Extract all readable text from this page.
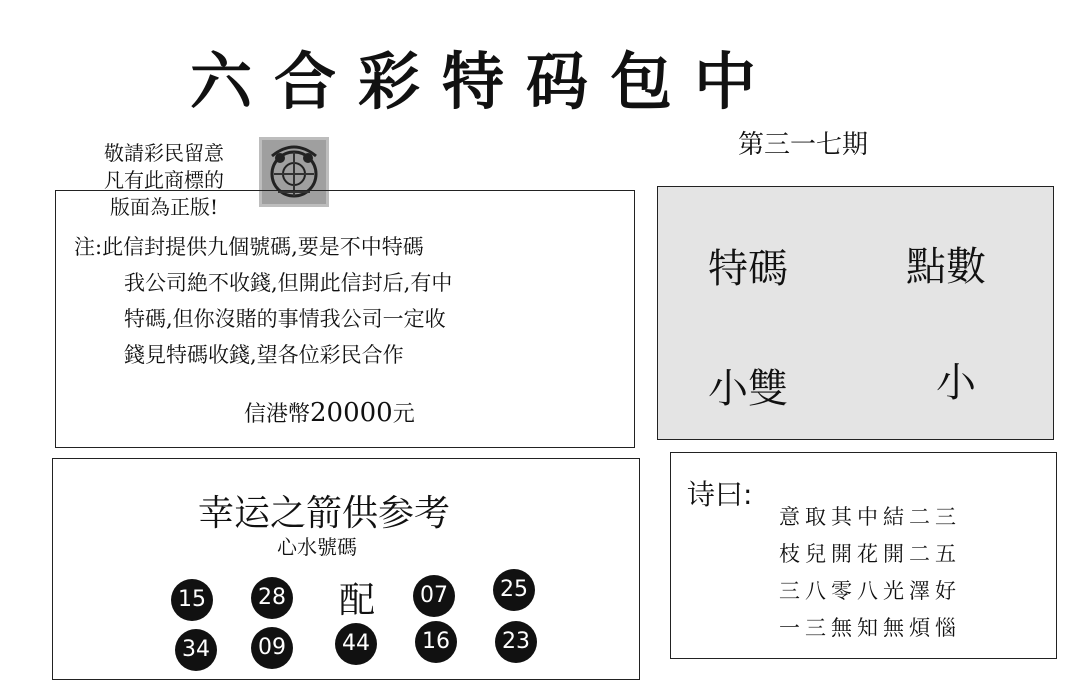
六合彩特码包中
第三一七期
敬請彩民留意
凡有此商標的
版面為正版!
注:此信封提供九個號碼,要是不中特碼
我公司絶不收錢,但開此信封后,有中
特碼,但你沒賭的事情我公司一定收
錢見特碼收錢,望各位彩民合作
信港幣20000元
特碼	點數
小雙	小
幸运之箭供参考
心水號碼
15	28 配	07	25
34	09	44	16	23
诗曰:
意取其中結二三
枝兒開花開二五
三八零八光澤好
一三無知無煩惱
